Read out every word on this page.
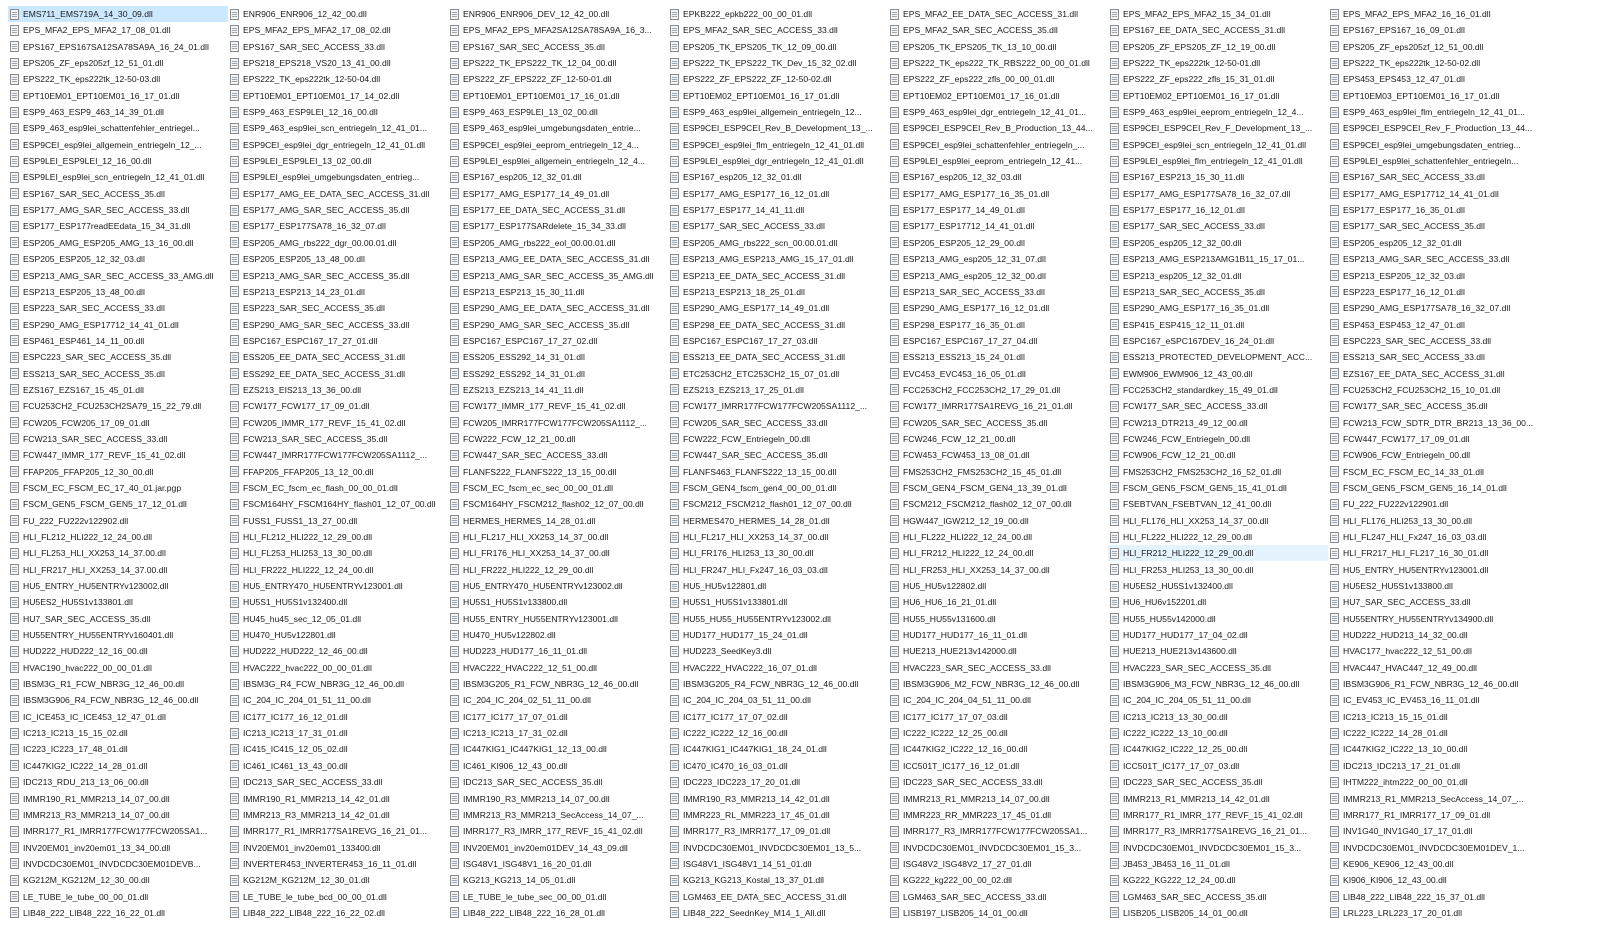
EMS711_EMS719A_14_30_09.dll
EPS_MFA2_EPS_MFA2_17_08_01.dll
EPS167_EPS167SA12SA78SA9A_16_24_01.dll
EPS205_ZF_eps205zf_12_51_01.dll
EPS222_TK_eps222tk_12-50-03.dll
EPT10EM01_EPT10EM01_16_17_01.dll
ESP9_463_ESP9_463_14_39_01.dll
ESP9_463_esp9lei_schattenfehler_entriegel...
ESP9CEI_esp9lei_allgemein_entriegeln_12_...
ESP9LEI_ESP9LEI_12_16_00.dll
ESP9LEI_esp9lei_scn_entriegeln_12_41_01.dll
ESP167_SAR_SEC_ACCESS_35.dll
ESP177_AMG_SAR_SEC_ACCESS_33.dll
ESP177_ESP177readEEdata_15_34_31.dll
ESP205_AMG_ESP205_AMG_13_16_00.dll
ESP205_ESP205_12_32_03.dll
ESP213_AMG_SAR_SEC_ACCESS_33_AMG.dll
ESP213_ESP205_13_48_00.dll
ESP223_SAR_SEC_ACCESS_33.dll
ESP290_AMG_ESP17712_14_41_01.dll
ESP461_ESP461_14_11_00.dll
ESPC223_SAR_SEC_ACCESS_35.dll
ESS213_SAR_SEC_ACCESS_35.dll
EZS167_EZS167_15_45_01.dll
FCU253CH2_FCU253CH2SA79_15_22_79.dll
FCW205_FCW205_17_09_01.dll
FCW213_SAR_SEC_ACCESS_33.dll
FCW447_IMMR_177_REVF_15_41_02.dll
FFAP205_FFAP205_12_30_00.dll
FSCM_EC_FSCM_EC_17_40_01.jar.pgp
FSCM_GEN5_FSCM_GEN5_17_12_01.dll
FU_222_FU222v122902.dll
HLI_FL212_HLI222_12_24_00.dll
HLI_FL253_HLI_XX253_14_37.00.dll
HLI_FR217_HLI_XX253_14_37.00.dll
HU5_ENTRY_HU5ENTRYv123002.dll
HU5ES2_HU5S1v133801.dll
HU7_SAR_SEC_ACCESS_35.dll
HU55ENTRY_HU55ENTRYv160401.dll
HUD222_HUD222_12_16_00.dll
HVAC190_hvac222_00_00_01.dll
IBSM3G_R1_FCW_NBR3G_12_46_00.dll
IBSM3G906_R4_FCW_NBR3G_12_46_00.dll
IC_ICE453_IC_ICE453_12_47_01.dll
IC213_IC213_15_15_02.dll
IC223_IC223_17_48_01.dll
IC447KIG2_IC222_14_28_01.dll
IDC213_RDU_213_13_06_00.dll
IMMR190_R1_MMR213_14_07_00.dll
IMMR213_R3_MMR213_14_07_00.dll
IMRR177_R1_IMRR177FCW177FCW205SA1...
INV20EM01_inv20em01_13_34_00.dll
INVDCDC30EM01_INVDCDC30EM01DEVB...
KG212M_KG212M_12_30_00.dll
LE_TUBE_le_tube_00_00_01.dll
LIB48_222_LIB48_222_16_22_01.dll
ENR906_ENR906_12_42_00.dll
EPS_MFA2_EPS_MFA2_17_08_02.dll
EPS167_SAR_SEC_ACCESS_33.dll
EPS218_EPS218_VS20_13_41_00.dll
EPS222_TK_eps222tk_12-50-04.dll
EPT10EM01_EPT10EM01_17_14_02.dll
ESP9_463_ESP9LEI_12_16_00.dll
ESP9_463_esp9lei_scn_entriegeln_12_41_01...
ESP9CEI_esp9lei_dgr_entriegeln_12_41_01.dll
ESP9LEI_ESP9LEI_13_02_00.dll
ESP9LEI_esp9lei_umgebungsdaten_entrieg...
ESP177_AMG_EE_DATA_SEC_ACCESS_31.dll
ESP177_AMG_SAR_SEC_ACCESS_35.dll
ESP177_ESP177SA78_16_32_07.dll
ESP205_AMG_rbs222_dgr_00.00.01.dll
ESP205_ESP205_13_48_00.dll
ESP213_AMG_SAR_SEC_ACCESS_35.dll
ESP213_ESP213_14_23_01.dll
ESP223_SAR_SEC_ACCESS_35.dll
ESP290_AMG_SAR_SEC_ACCESS_33.dll
ESPC167_ESPC167_17_27_01.dll
ESS205_EE_DATA_SEC_ACCESS_31.dll
ESS292_EE_DATA_SEC_ACCESS_31.dll
EZS213_EIS213_13_36_00.dll
FCW177_FCW177_17_09_01.dll
FCW205_IMMR_177_REVF_15_41_02.dll
FCW213_SAR_SEC_ACCESS_35.dll
FCW447_IMRR177FCW177FCW205SA1112_...
FFAP205_FFAP205_13_12_00.dll
FSCM_EC_fscm_ec_flash_00_00_01.dll
FSCM164HY_FSCM164HY_flash01_12_07_00.dll
FUSS1_FUSS1_13_27_00.dll
HLI_FL212_HLI222_12_29_00.dll
HLI_FL253_HLI253_13_30_00.dll
HLI_FR222_HLI222_12_24_00.dll
HU5_ENTRY470_HU5ENTRYv123001.dll
HU5S1_HU5S1v132400.dll
HU45_hu45_sec_12_05_01.dll
HU470_HU5v122801.dll
HUD222_HUD222_12_46_00.dll
HVAC222_hvac222_00_00_01.dll
IBSM3G_R4_FCW_NBR3G_12_46_00.dll
IC_204_IC_204_01_51_11_00.dll
IC177_IC177_16_12_01.dll
IC213_IC213_17_31_01.dll
IC415_IC415_12_05_02.dll
IC461_IC461_13_43_00.dll
IDC213_SAR_SEC_ACCESS_33.dll
IMMR190_R1_MMR213_14_42_01.dll
IMMR213_R3_MMR213_14_42_01.dll
IMRR177_R1_IMRR177SA1REVG_16_21_01...
INV20EM01_inv20em01_133400.dll
INVERTER453_INVERTER453_16_11_01.dll
KG212M_KG212M_12_30_01.dll
LE_TUBE_le_tube_bcd_00_00_01.dll
LIB48_222_LIB48_222_16_22_02.dll
ENR906_ENR906_DEV_12_42_00.dll
EPS_MFA2_EPS_MFA2SA12SA78SA9A_16_3...
EPS167_SAR_SEC_ACCESS_35.dll
EPS222_TK_EPS222_TK_12_04_00.dll
EPS222_ZF_EPS222_ZF_12-50-01.dll
EPT10EM01_EPT10EM01_17_16_01.dll
ESP9_463_ESP9LEI_13_02_00.dll
ESP9_463_esp9lei_umgebungsdaten_entrie...
ESP9CEI_esp9lei_eeprom_entriegeln_12_4...
ESP9LEI_esp9lei_allgemein_entriegeln_12_4...
ESP167_esp205_12_32_01.dll
ESP177_AMG_ESP177_14_49_01.dll
ESP177_EE_DATA_SEC_ACCESS_31.dll
ESP177_ESP177SARdelete_15_34_33.dll
ESP205_AMG_rbs222_eol_00.00.01.dll
ESP213_AMG_EE_DATA_SEC_ACCESS_31.dll
ESP213_AMG_SAR_SEC_ACCESS_35_AMG.dll
ESP213_ESP213_15_30_11.dll
ESP290_AMG_EE_DATA_SEC_ACCESS_31.dll
ESP290_AMG_SAR_SEC_ACCESS_35.dll
ESPC167_ESPC167_17_27_02.dll
ESS205_ESS292_14_31_01.dll
ESS292_ESS292_14_31_01.dll
EZS213_EZS213_14_41_11.dll
FCW177_IMMR_177_REVF_15_41_02.dll
FCW205_IMRR177FCW177FCW205SA1112_...
FCW222_FCW_12_21_00.dll
FCW447_SAR_SEC_ACCESS_33.dll
FLANFS222_FLANFS222_13_15_00.dll
FSCM_EC_fscm_ec_sec_00_00_01.dll
FSCM164HY_FSCM212_flash02_12_07_00.dll
HERMES_HERMES_14_28_01.dll
HLI_FL217_HLI_XX253_14_37_00.dll
HLI_FR176_HLI_XX253_14_37_00.dll
HLI_FR222_HLI222_12_29_00.dll
HU5_ENTRY470_HU5ENTRYv123002.dll
HU5S1_HU5S1v133800.dll
HU55_ENTRY_HU55ENTRYv123001.dll
HU470_HU5v122802.dll
HUD223_HUD177_16_11_01.dll
HVAC222_HVAC222_12_51_00.dll
IBSM3G205_R1_FCW_NBR3G_12_46_00.dll
IC_204_IC_204_02_51_11_00.dll
IC177_IC177_17_07_01.dll
IC213_IC213_17_31_02.dll
IC447KIG1_IC447KIG1_12_13_00.dll
IC461_KI906_12_43_00.dll
IDC213_SAR_SEC_ACCESS_35.dll
IMMR190_R3_MMR213_14_07_00.dll
IMMR213_R3_MMR213_SecAccess_14_07_...
IMRR177_R3_IMRR_177_REVF_15_41_02.dll
INV20EM01_inv20em01DEV_14_43_09.dll
ISG48V1_ISG48V1_16_20_01.dll
KG213_KG213_14_05_01.dll
LE_TUBE_le_tube_sec_00_00_01.dll
LIB48_222_LIB48_222_16_28_01.dll
EPKB222_epkb222_00_00_01.dll
EPS_MFA2_SAR_SEC_ACCESS_33.dll
EPS205_TK_EPS205_TK_12_09_00.dll
EPS222_TK_EPS222_TK_Dev_15_32_02.dll
EPS222_ZF_EPS222_ZF_12-50-02.dll
EPT10EM02_EPT10EM01_16_17_01.dll
ESP9_463_esp9lei_allgemein_entriegeln_12...
ESP9CEI_ESP9CEI_Rev_B_Development_13_...
ESP9CEI_esp9lei_flm_entriegeln_12_41_01.dll
ESP9LEI_esp9lei_dgr_entriegeln_12_41_01.dll
ESP167_esp205_12_32_01.dll
ESP177_AMG_ESP177_16_12_01.dll
ESP177_ESP177_14_41_11.dll
ESP177_SAR_SEC_ACCESS_33.dll
ESP205_AMG_rbs222_scn_00.00.01.dll
ESP213_AMG_ESP213_AMG_15_17_01.dll
ESP213_EE_DATA_SEC_ACCESS_31.dll
ESP213_ESP213_18_25_01.dll
ESP290_AMG_ESP177_14_49_01.dll
ESP298_EE_DATA_SEC_ACCESS_31.dll
ESPC167_ESPC167_17_27_03.dll
ESS213_EE_DATA_SEC_ACCESS_31.dll
ETC253CH2_ETC253CH2_15_07_01.dll
EZS213_EZS213_17_25_01.dll
FCW177_IMRR177FCW177FCW205SA1112_...
FCW205_SAR_SEC_ACCESS_33.dll
FCW222_FCW_Entriegeln_00.dll
FCW447_SAR_SEC_ACCESS_35.dll
FLANFS463_FLANFS222_13_15_00.dll
FSCM_GEN4_fscm_gen4_00_00_01.dll
FSCM212_FSCM212_flash01_12_07_00.dll
HERMES470_HERMES_14_28_01.dll
HLI_FL217_HLI_XX253_14_37_00.dll
HLI_FR176_HLI253_13_30_00.dll
HLI_FR247_HLI_Fx247_16_03_03.dll
HU5_HU5v122801.dll
HU5S1_HU5S1v133801.dll
HU55_HU55_HU55ENTRYv123002.dll
HUD177_HUD177_15_24_01.dll
HUD223_SeedKey3.dll
HVAC222_HVAC222_16_07_01.dll
IBSM3G205_R4_FCW_NBR3G_12_46_00.dll
IC_204_IC_204_03_51_11_00.dll
IC177_IC177_17_07_02.dll
IC222_IC222_12_16_00.dll
IC447KIG1_IC447KIG1_18_24_01.dll
IC470_IC470_16_03_01.dll
IDC223_IDC223_17_20_01.dll
IMMR190_R3_MMR213_14_42_01.dll
IMMR223_RL_MMR223_17_45_01.dll
IMRR177_R3_IMRR177_17_09_01.dll
INVDCDC30EM01_INVDCDC30EM01_13_5...
ISG48V1_ISG48V1_14_51_01.dll
KG213_KG213_Kostal_13_37_01.dll
LGM463_EE_DATA_SEC_ACCESS_31.dll
LIB48_222_SeednKey_M14_1_All.dll
EPS_MFA2_EE_DATA_SEC_ACCESS_31.dll
EPS_MFA2_SAR_SEC_ACCESS_35.dll
EPS205_TK_EPS205_TK_13_10_00.dll
EPS222_TK_eps222_TK_RBS222_00_00_01.dll
EPS222_ZF_eps222_zfls_00_00_01.dll
EPT10EM02_EPT10EM01_17_16_01.dll
ESP9_463_esp9lei_dgr_entriegeln_12_41_01...
ESP9CEI_ESP9CEI_Rev_B_Production_13_44...
ESP9CEI_esp9lei_schattenfehler_entriegeln_...
ESP9LEI_esp9lei_eeprom_entriegeln_12_41...
ESP167_esp205_12_32_03.dll
ESP177_AMG_ESP177_16_35_01.dll
ESP177_ESP177_14_49_01.dll
ESP177_ESP17712_14_41_01.dll
ESP205_ESP205_12_29_00.dll
ESP213_AMG_esp205_12_31_07.dll
ESP213_AMG_esp205_12_32_00.dll
ESP213_SAR_SEC_ACCESS_33.dll
ESP290_AMG_ESP177_16_12_01.dll
ESP298_ESP177_16_35_01.dll
ESPC167_ESPC167_17_27_04.dll
ESS213_ESS213_15_24_01.dll
EVC453_EVC453_16_05_01.dll
FCC253CH2_FCC253CH2_17_29_01.dll
FCW177_IMRR177SA1REVG_16_21_01.dll
FCW205_SAR_SEC_ACCESS_35.dll
FCW246_FCW_12_21_00.dll
FCW453_FCW453_13_08_01.dll
FMS253CH2_FMS253CH2_15_45_01.dll
FSCM_GEN4_FSCM_GEN4_13_39_01.dll
FSCM212_FSCM212_flash02_12_07_00.dll
HGW447_IGW212_12_19_00.dll
HLI_FL222_HLI222_12_24_00.dll
HLI_FR212_HLI222_12_24_00.dll
HLI_FR253_HLI_XX253_14_37_00.dll
HU5_HU5v122802.dll
HU6_HU6_16_21_01.dll
HU55_HU55v131600.dll
HUD177_HUD177_16_11_01.dll
HUE213_HUE213v142000.dll
HVAC223_SAR_SEC_ACCESS_33.dll
IBSM3G906_M2_FCW_NBR3G_12_46_00.dll
IC_204_IC_204_04_51_11_00.dll
IC177_IC177_17_07_03.dll
IC222_IC222_12_25_00.dll
IC447KIG2_IC222_12_16_00.dll
ICC501T_IC177_16_12_01.dll
IDC223_SAR_SEC_ACCESS_33.dll
IMMR213_R1_MMR213_14_07_00.dll
IMMR223_RR_MMR223_17_45_01.dll
IMRR177_R3_IMRR177FCW177FCW205SA1...
INVDCDC30EM01_INVDCDC30EM01_15_3...
ISG48V2_ISG48V2_17_27_01.dll
KG222_kg222_00_00_02.dll
LGM463_SAR_SEC_ACCESS_33.dll
LISB197_LISB205_14_01_00.dll
EPS_MFA2_EPS_MFA2_15_34_01.dll
EPS167_EE_DATA_SEC_ACCESS_31.dll
EPS205_ZF_EPS205_ZF_12_19_00.dll
EPS222_TK_eps222tk_12-50-01.dll
EPS222_ZF_eps222_zfls_15_31_01.dll
EPT10EM02_EPT10EM01_16_17_01.dll
ESP9_463_esp9lei_eeprom_entriegeln_12_4...
ESP9CEI_ESP9CEI_Rev_F_Development_13_...
ESP9CEI_esp9lei_scn_entriegeln_12_41_01.dll
ESP9LEI_esp9lei_flm_entriegeln_12_41_01.dll
ESP167_ESP213_15_30_11.dll
ESP177_AMG_ESP177SA78_16_32_07.dll
ESP177_ESP177_16_12_01.dll
ESP177_SAR_SEC_ACCESS_33.dll
ESP205_esp205_12_32_00.dll
ESP213_AMG_ESP213AMG1B11_15_17_01...
ESP213_esp205_12_32_01.dll
ESP213_SAR_SEC_ACCESS_35.dll
ESP290_AMG_ESP177_16_35_01.dll
ESP415_ESP415_12_11_01.dll
ESPC167_eSPC167DEV_16_24_01.dll
ESS213_PROTECTED_DEVELOPMENT_ACC...
EWM906_EWM906_12_43_00.dll
FCC253CH2_standardkey_15_49_01.dll
FCW177_SAR_SEC_ACCESS_33.dll
FCW213_DTR213_49_12_00.dll
FCW246_FCW_Entriegeln_00.dll
FCW906_FCW_12_21_00.dll
FMS253CH2_FMS253CH2_16_52_01.dll
FSCM_GEN5_FSCM_GEN5_15_41_01.dll
FSEBTVAN_FSEBTVAN_12_41_00.dll
HLI_FL176_HLI_XX253_14_37_00.dll
HLI_FL222_HLI222_12_29_00.dll
HLI_FR212_HLI222_12_29_00.dll
HLI_FR253_HLI253_13_30_00.dll
HU5ES2_HU5S1v132400.dll
HU6_HU6v152201.dll
HU55_HU55v142000.dll
HUD177_HUD177_17_04_02.dll
HUE213_HUE213v143600.dll
HVAC223_SAR_SEC_ACCESS_35.dll
IBSM3G906_M3_FCW_NBR3G_12_46_00.dll
IC_204_IC_204_05_51_11_00.dll
IC213_IC213_13_30_00.dll
IC222_IC222_13_10_00.dll
IC447KIG2_IC222_12_25_00.dll
ICC501T_IC177_17_07_03.dll
IDC223_SAR_SEC_ACCESS_35.dll
IMMR213_R1_MMR213_14_42_01.dll
IMRR177_R1_IMRR_177_REVF_15_41_02.dll
IMRR177_R3_IMRR177SA1REVG_16_21_01...
INVDCDC30EM01_INVDCDC30EM01_15_3...
JB453_JB453_16_11_01.dll
KG222_KG222_12_24_00.dll
LGM463_SAR_SEC_ACCESS_35.dll
LISB205_LISB205_14_01_00.dll
EPS_MFA2_EPS_MFA2_16_16_01.dll
EPS167_EPS167_16_09_01.dll
EPS205_ZF_eps205zf_12_51_00.dll
EPS222_TK_eps222tk_12-50-02.dll
EPS453_EPS453_12_47_01.dll
EPT10EM03_EPT10EM01_16_17_01.dll
ESP9_463_esp9lei_flm_entriegeln_12_41_01...
ESP9CEI_ESP9CEI_Rev_F_Production_13_44...
ESP9CEI_esp9lei_umgebungsdaten_entrieg...
ESP9LEI_esp9lei_schattenfehler_entriegeln...
ESP167_SAR_SEC_ACCESS_33.dll
ESP177_AMG_ESP17712_14_41_01.dll
ESP177_ESP177_16_35_01.dll
ESP177_SAR_SEC_ACCESS_35.dll
ESP205_esp205_12_32_01.dll
ESP213_AMG_SAR_SEC_ACCESS_33.dll
ESP213_ESP205_12_32_03.dll
ESP223_ESP177_16_12_01.dll
ESP290_AMG_ESP177SA78_16_32_07.dll
ESP453_ESP453_12_47_01.dll
ESPC223_SAR_SEC_ACCESS_33.dll
ESS213_SAR_SEC_ACCESS_33.dll
EZS167_EE_DATA_SEC_ACCESS_31.dll
FCU253CH2_FCU253CH2_15_10_01.dll
FCW177_SAR_SEC_ACCESS_35.dll
FCW213_FCW_SDTR_DTR_BR213_13_36_00...
FCW447_FCW177_17_09_01.dll
FCW906_FCW_Entriegeln_00.dll
FSCM_EC_FSCM_EC_14_33_01.dll
FSCM_GEN5_FSCM_GEN5_16_14_01.dll
FU_222_FU222v122901.dll
HLI_FL176_HLI253_13_30_00.dll
HLI_FL247_HLI_Fx247_16_03_03.dll
HLI_FR217_HLI_FL217_16_30_01.dll
HU5_ENTRY_HU5ENTRYv123001.dll
HU5ES2_HU5S1v133800.dll
HU7_SAR_SEC_ACCESS_33.dll
HU55ENTRY_HU55ENTRYv134900.dll
HUD222_HUD213_14_32_00.dll
HVAC177_hvac222_12_51_00.dll
HVAC447_HVAC447_12_49_00.dll
IBSM3G906_R1_FCW_NBR3G_12_46_00.dll
IC_EV453_IC_EV453_16_11_01.dll
IC213_IC213_15_15_01.dll
IC222_IC222_14_28_01.dll
IC447KIG2_IC222_13_10_00.dll
IDC213_IDC213_17_21_01.dll
IHTM222_ihtm222_00_00_01.dll
IMMR213_R1_MMR213_SecAccess_14_07_...
IMRR177_R1_IMRR177_17_09_01.dll
INV1G40_INV1G40_17_17_01.dll
INVDCDC30EM01_INVDCDC30EM01DEV_1...
KE906_KE906_12_43_00.dll
KI906_KI906_12_43_00.dll
LIB48_222_LIB48_222_15_37_01.dll
LRL223_LRL223_17_20_01.dll
